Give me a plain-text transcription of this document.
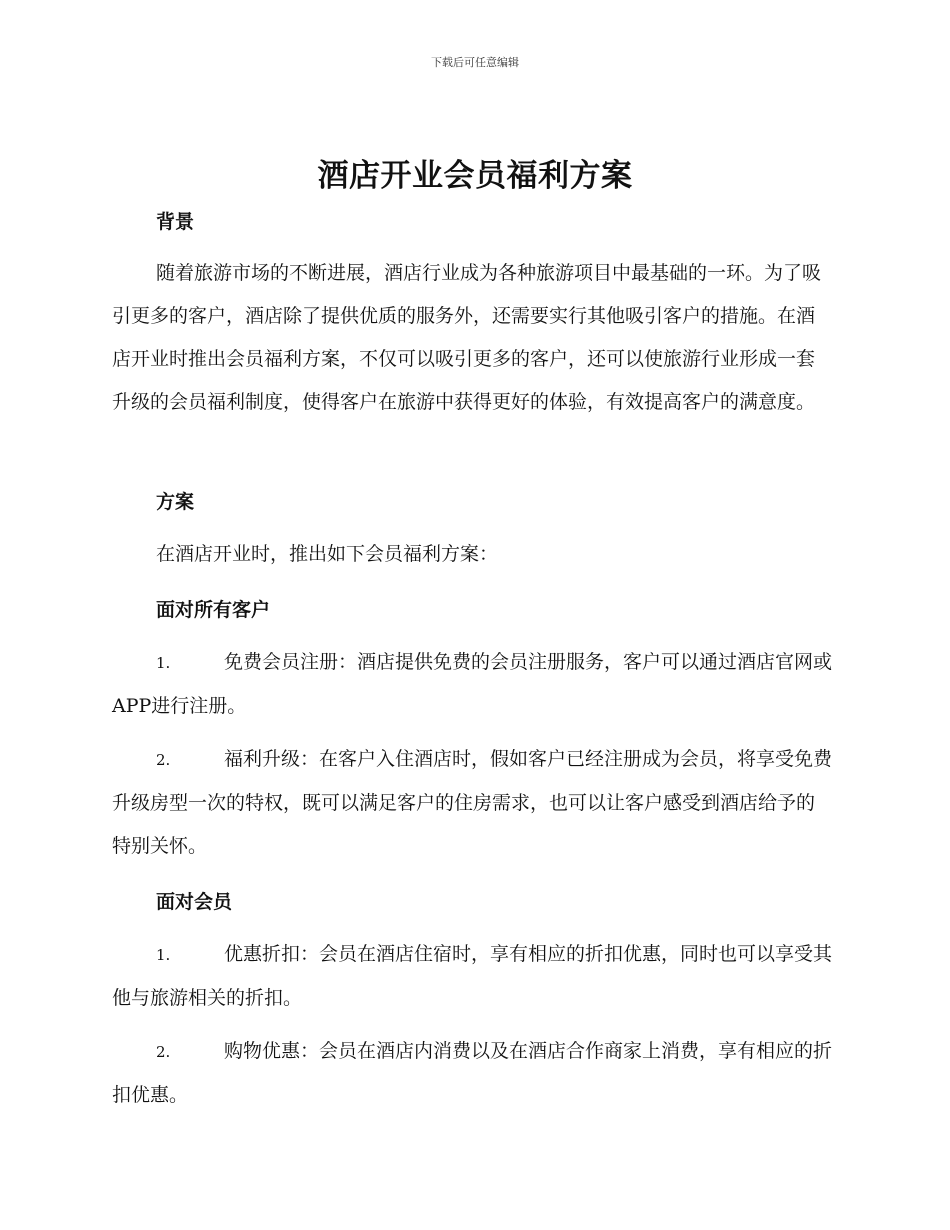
下载后可任意编辑
酒店开业会员福利方案
背景

随着旅游市场的不断进展，酒店行业成为各种旅游项目中最基础的一环。为了吸引更多的客户，酒店除了提供优质的服务外，还需要实行其他吸引客户的措施。在酒店开业时推出会员福利方案，不仅可以吸引更多的客户，还可以使旅游行业形成一套升级的会员福利制度，使得客户在旅游中获得更好的体验，有效提高客户的满意度。

方案

在酒店开业时，推出如下会员福利方案：

面对所有客户

1.	免费会员注册：酒店提供免费的会员注册服务，客户可以通过酒店官网或APP进行注册。

2.	福利升级：在客户入住酒店时，假如客户已经注册成为会员，将享受免费升级房型一次的特权，既可以满足客户的住房需求，也可以让客户感受到酒店给予的特别关怀。

面对会员

1.	优惠折扣：会员在酒店住宿时，享有相应的折扣优惠，同时也可以享受其他与旅游相关的折扣。

2.	购物优惠：会员在酒店内消费以及在酒店合作商家上消费，享有相应的折扣优惠。
